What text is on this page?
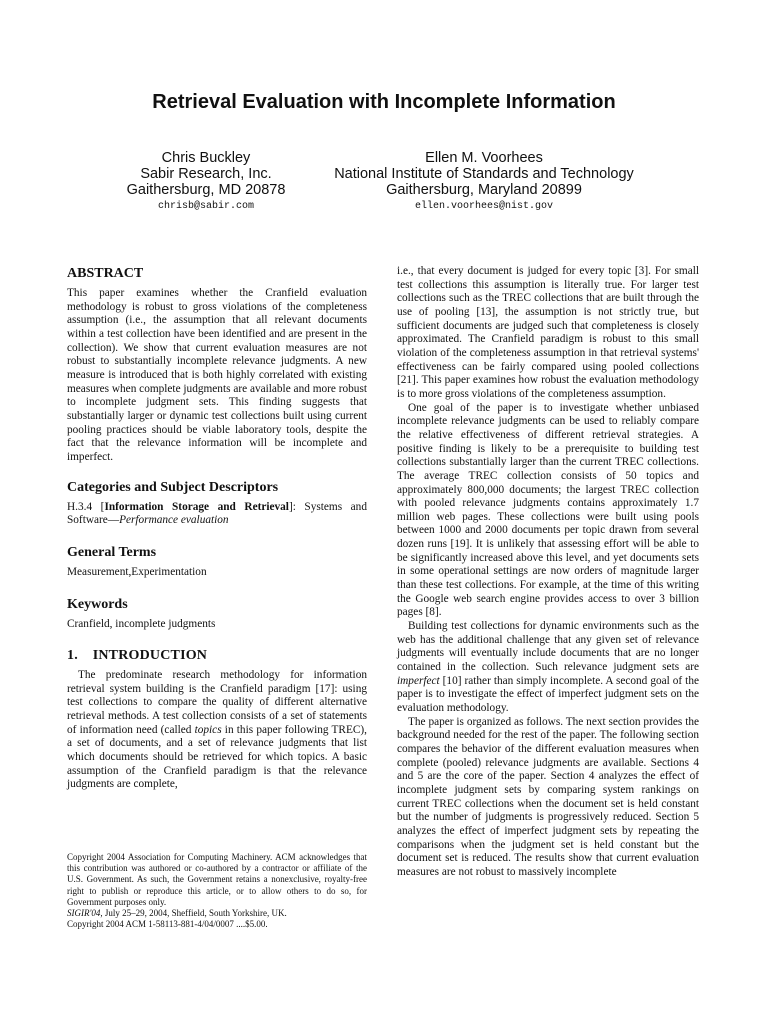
Retrieval Evaluation with Incomplete Information
Chris Buckley
Sabir Research, Inc.
Gaithersburg, MD 20878
chrisb@sabir.com
Ellen M. Voorhees
National Institute of Standards and Technology
Gaithersburg, Maryland 20899
ellen.voorhees@nist.gov
ABSTRACT

This paper examines whether the Cranfield evaluation methodology is robust to gross violations of the completeness assumption (i.e., the assumption that all relevant documents within a test collection have been identified and are present in the collection). We show that current evaluation measures are not robust to substantially incomplete relevance judgments. A new measure is introduced that is both highly correlated with existing measures when complete judgments are available and more robust to incomplete judgment sets. This finding suggests that substantially larger or dynamic test collections built using current pooling practices should be viable laboratory tools, despite the fact that the relevance information will be incomplete and imperfect.

Categories and Subject Descriptors

H.3.4 [Information Storage and Retrieval]: Systems and Software—Performance evaluation

General Terms

Measurement,Experimentation

Keywords

Cranfield, incomplete judgments

1.    INTRODUCTION

The predominate research methodology for information retrieval system building is the Cranfield paradigm [17]: using test collections to compare the quality of different alternative retrieval methods. A test collection consists of a set of statements of information need (called topics in this paper following TREC), a set of documents, and a set of relevance judgments that list which documents should be retrieved for which topics. A basic assumption of the Cranfield paradigm is that the relevance judgments are complete,

Copyright 2004 Association for Computing Machinery. ACM acknowledges that this contribution was authored or co-authored by a contractor or affiliate of the U.S. Government. As such, the Government retains a nonexclusive, royalty-free right to publish or reproduce this article, or to allow others to do so, for Government purposes only.

SIGIR'04, July 25–29, 2004, Sheffield, South Yorkshire, UK.

Copyright 2004 ACM 1-58113-881-4/04/0007 ....$5.00.

i.e., that every document is judged for every topic [3]. For small test collections this assumption is literally true. For larger test collections such as the TREC collections that are built through the use of pooling [13], the assumption is not strictly true, but sufficient documents are judged such that completeness is closely approximated. The Cranfield paradigm is robust to this small violation of the completeness assumption in that retrieval systems' effectiveness can be fairly compared using pooled collections [21]. This paper examines how robust the evaluation methodology is to more gross violations of the completeness assumption.

One goal of the paper is to investigate whether unbiased incomplete relevance judgments can be used to reliably compare the relative effectiveness of different retrieval strategies. A positive finding is likely to be a prerequisite to building test collections substantially larger than the current TREC collections. The average TREC collection consists of 50 topics and approximately 800,000 documents; the largest TREC collection with pooled relevance judgments contains approximately 1.7 million web pages. These collections were built using pools between 1000 and 2000 documents per topic drawn from several dozen runs [19]. It is unlikely that assessing effort will be able to be significantly increased above this level, and yet documents sets in some operational settings are now orders of magnitude larger than these test collections. For example, at the time of this writing the Google web search engine provides access to over 3 billion pages [8].

Building test collections for dynamic environments such as the web has the additional challenge that any given set of relevance judgments will eventually include documents that are no longer contained in the collection. Such relevance judgment sets are imperfect [10] rather than simply incomplete. A second goal of the paper is to investigate the effect of imperfect judgment sets on the evaluation methodology.

The paper is organized as follows. The next section provides the background needed for the rest of the paper. The following section compares the behavior of the different evaluation measures when complete (pooled) relevance judgments are available. Sections 4 and 5 are the core of the paper. Section 4 analyzes the effect of incomplete judgment sets by comparing system rankings on current TREC collections when the document set is held constant but the number of judgments is progressively reduced. Section 5 analyzes the effect of imperfect judgment sets by repeating the comparisons when the judgment set is held constant but the document set is reduced. The results show that current evaluation measures are not robust to massively incomplete
